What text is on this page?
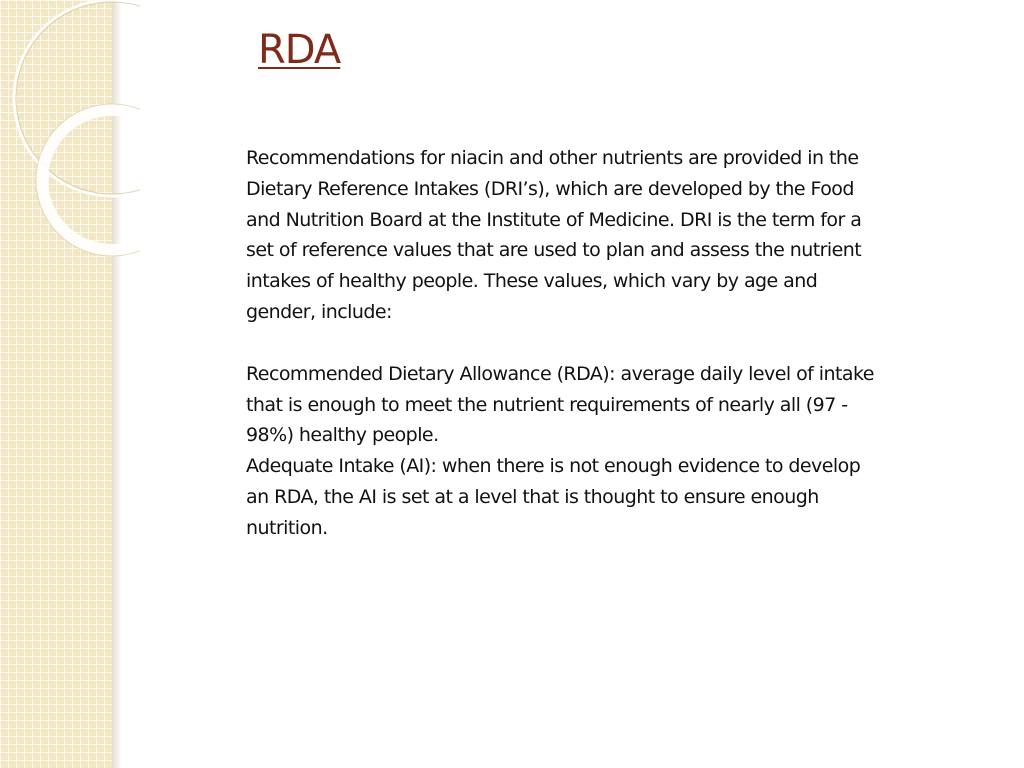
RDA

Recommendations for niacin and other nutrients are provided in the Dietary Reference Intakes (DRI’s), which are developed by the Food and Nutrition Board at the Institute of Medicine. DRI is the term for a set of reference values that are used to plan and assess the nutrient intakes of healthy people. These values, which vary by age and gender, include:

Recommended Dietary Allowance (RDA): average daily level of intake that is enough to meet the nutrient requirements of nearly all (97 - 98%) healthy people.

Adequate Intake (AI): when there is not enough evidence to develop an RDA, the AI is set at a level that is thought to ensure enough nutrition.
